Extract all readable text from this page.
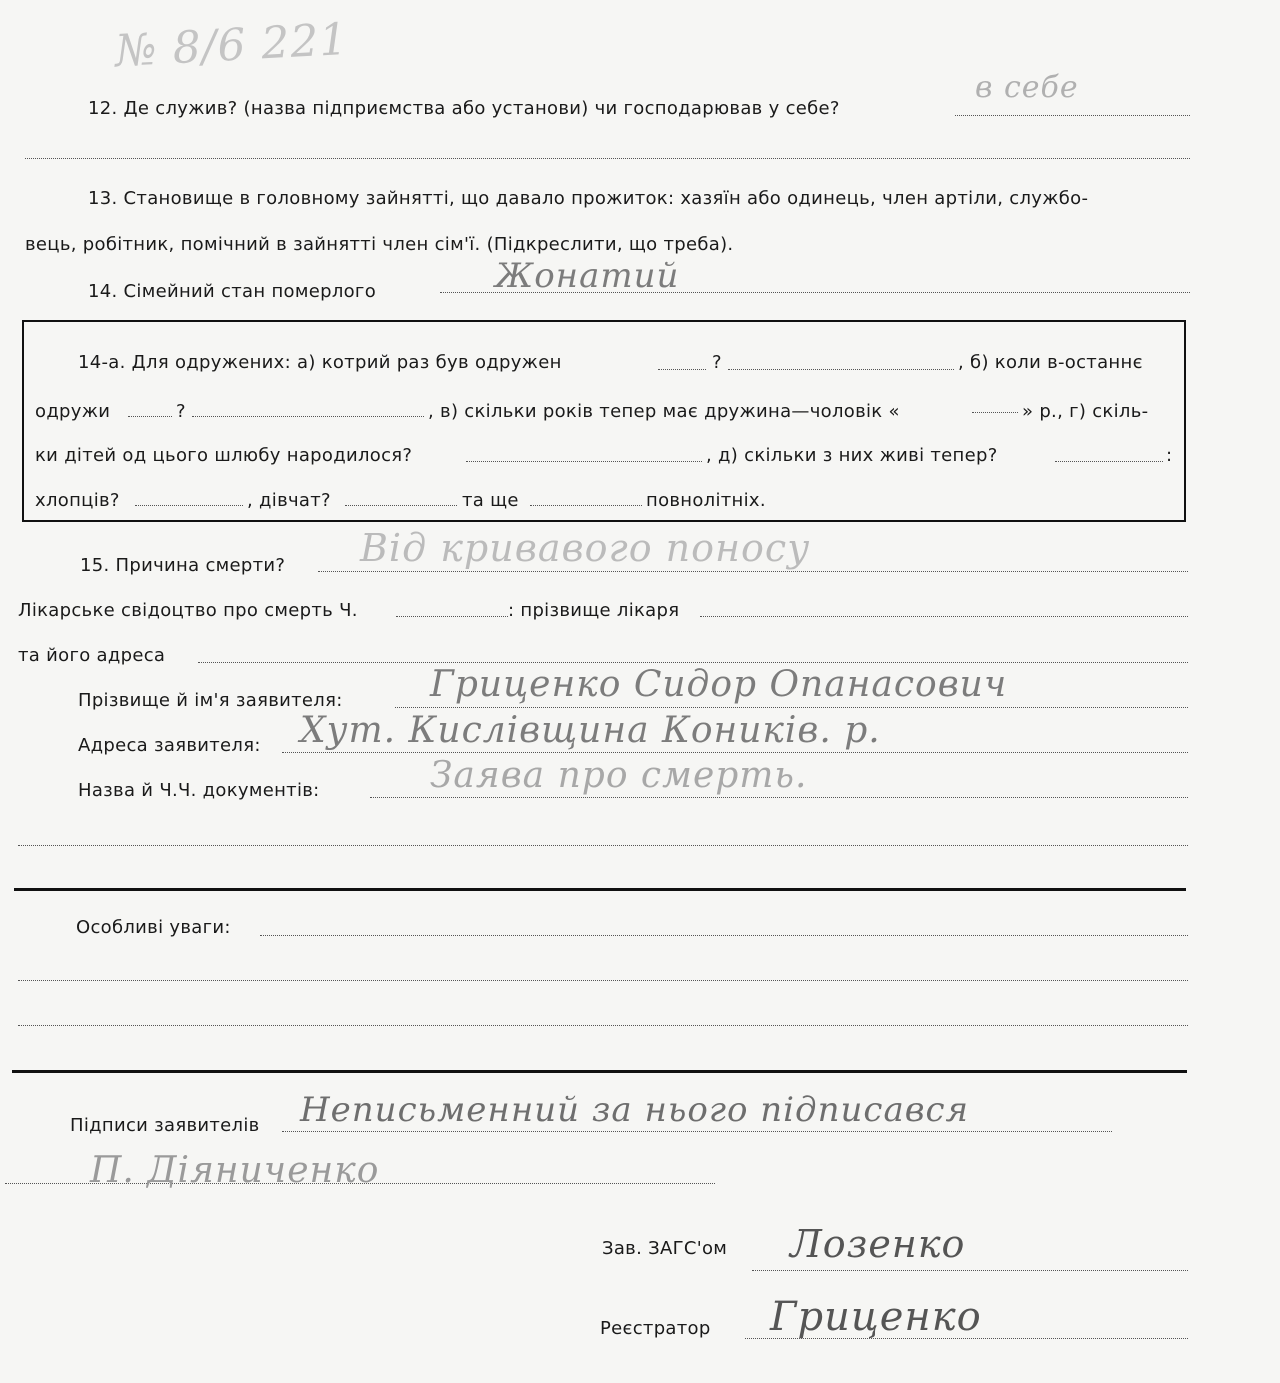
№ 8/6 221
12. Де служив? (назва підприємства або установи) чи господарював у себе?
в себе
13. Становище в головному зайнятті, що давало прожиток: хазяїн або одинець, член артіли, службо-
вець, робітник, помічний в зайнятті член сім'ї. (Підкреслити, що треба).
14. Сімейний стан померлого	Жонатий
14-а. Для одружених: а) котрий раз був одружен	?	, б) коли в-останнє
одружи	?	, в) скільки років тепер має дружина—чоловік «	» р., г) скіль-
ки дітей од цього шлюбу народилося?	, д) скільки з них живі тепер?	:
хлопців?	, дівчат?	та ще	повнолітніх.
15. Причина смерти? Від кривавого поносу
Лікарське свідоцтво про смерть Ч.	: прізвище лікаря
та його адреса
Прізвище й ім'я заявителя: Гриценко Сидор Опанасович
Адреса заявителя: Хут. Кислівщина Коників. р.
Назва й Ч.Ч. документів:	Заява про смерть.
Особливі уваги:
Підписи заявителів Неписьменний за нього підписався
П. Діяниченко
Зав. ЗАГС'ом Лозенко
Реєстратор Гриценко
